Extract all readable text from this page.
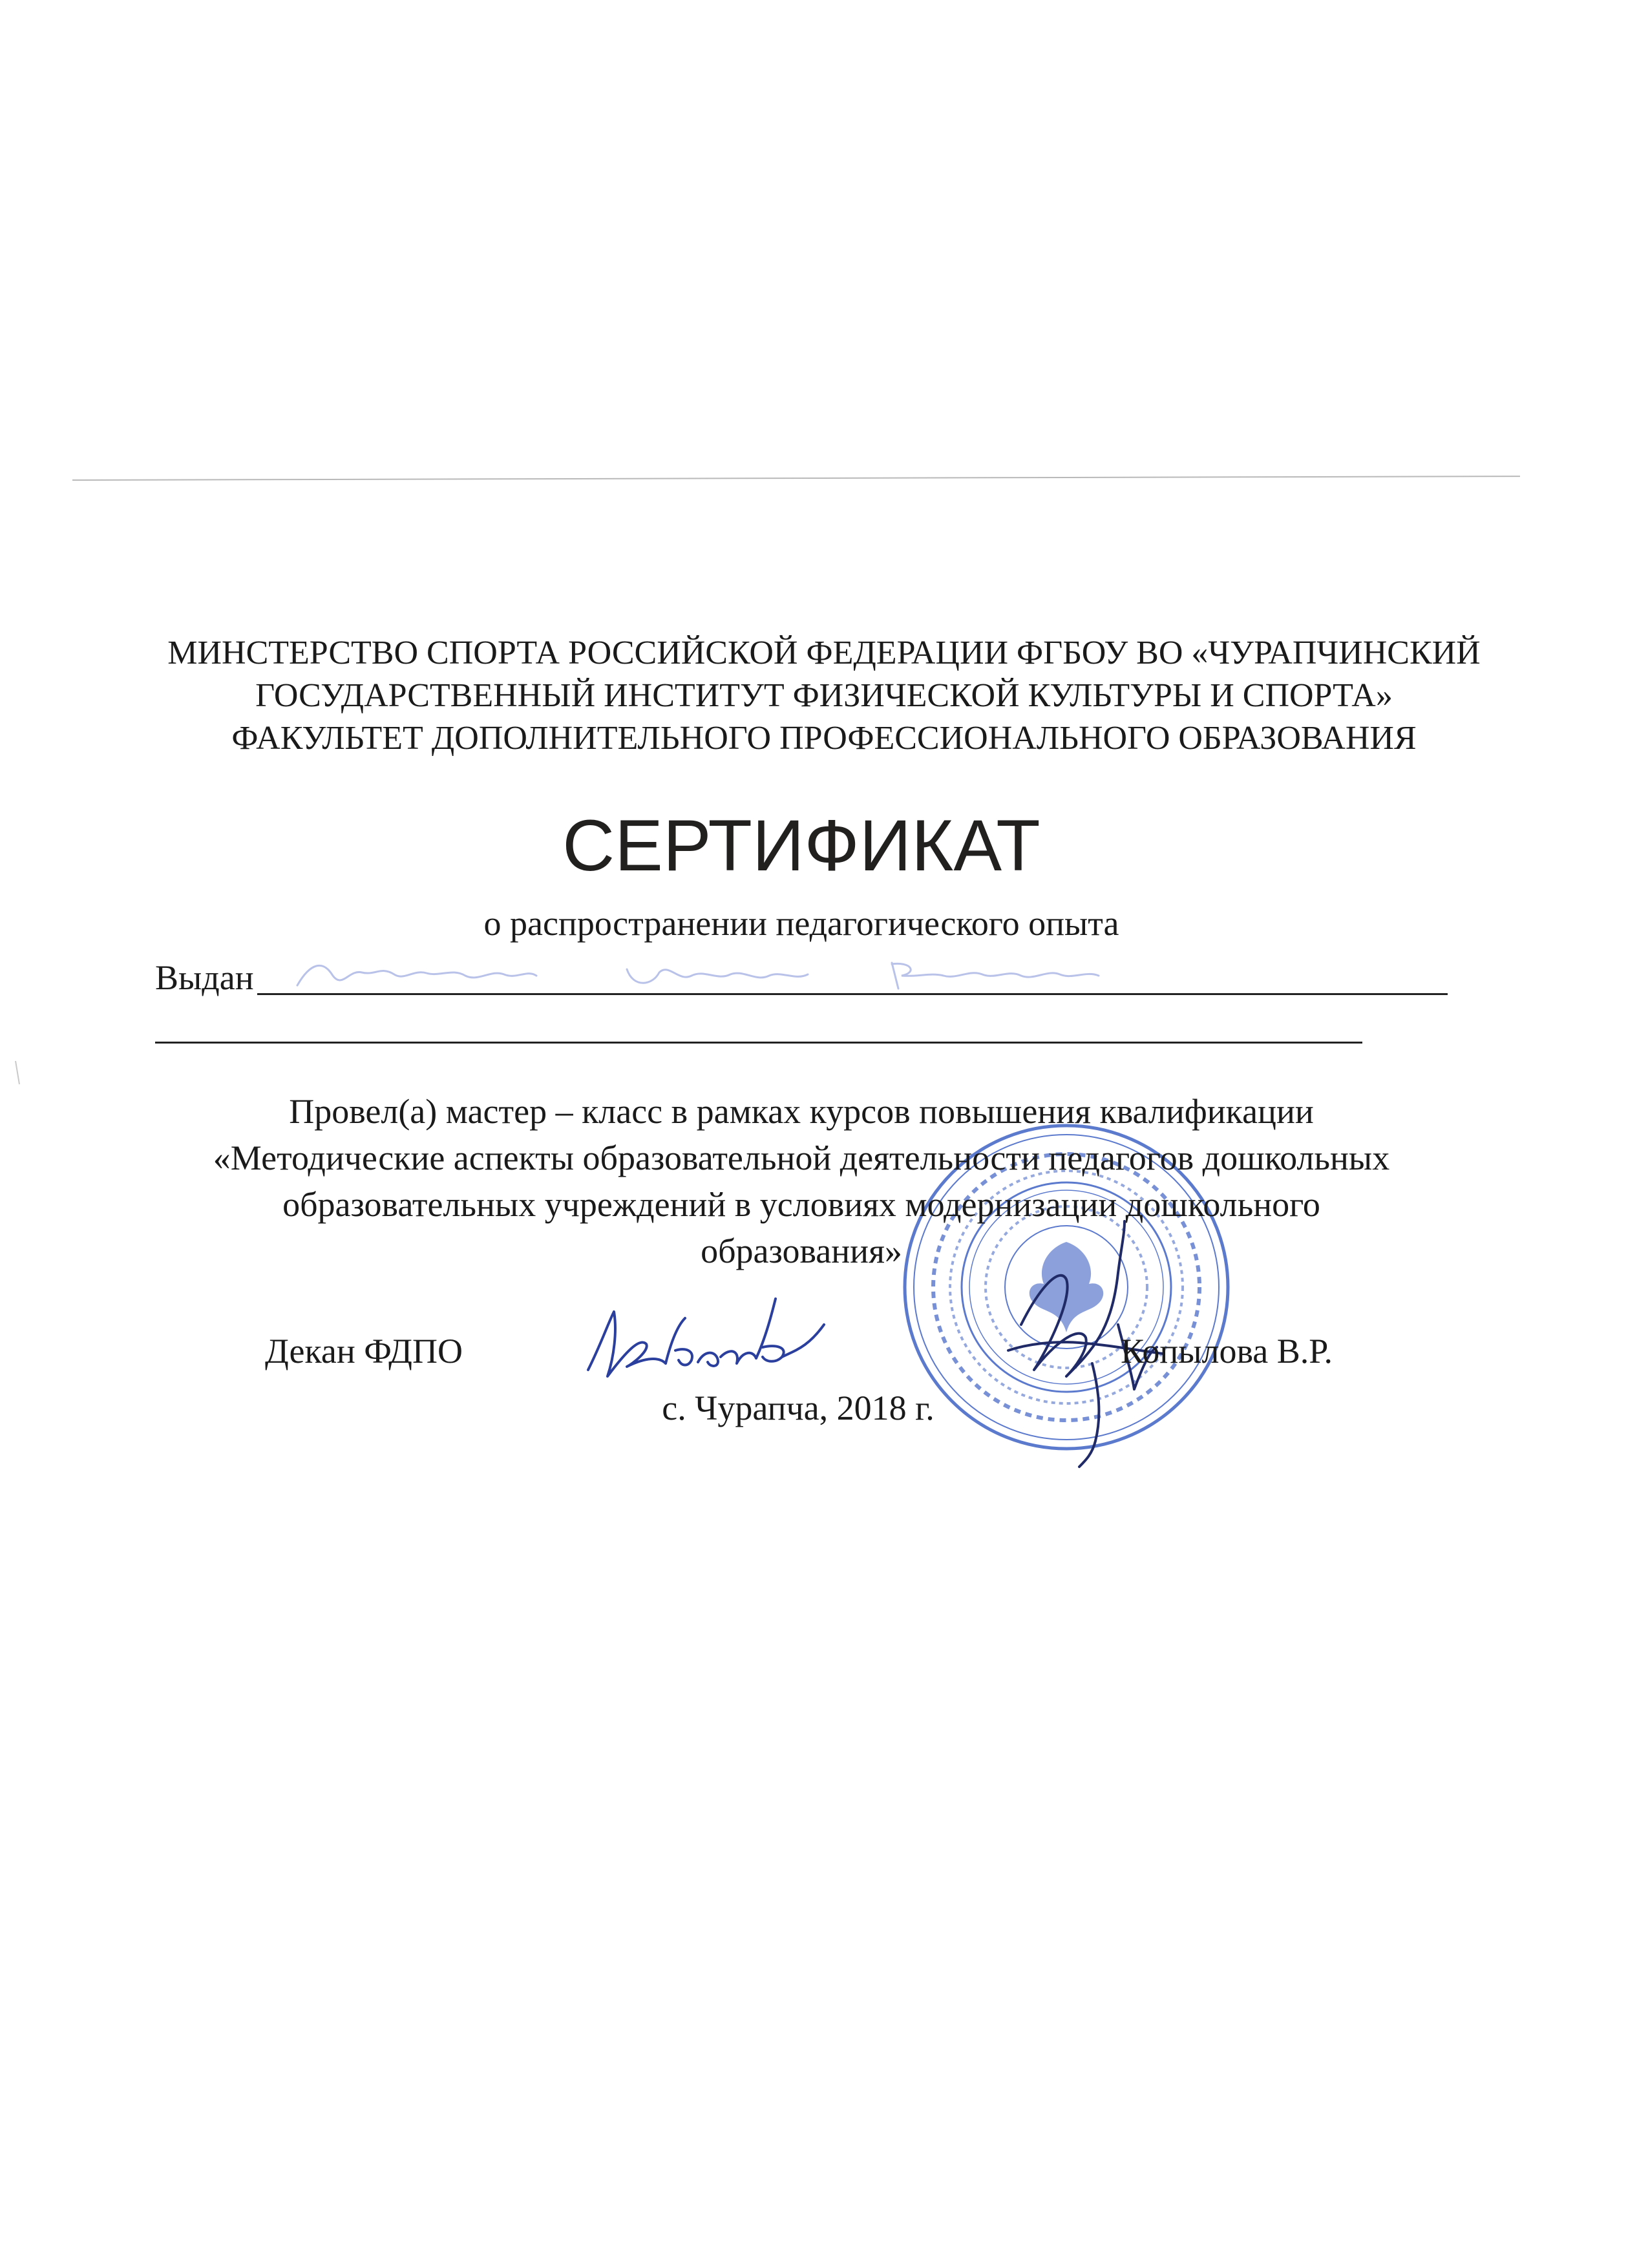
МИНСТЕРСТВО СПОРТА РОССИЙСКОЙ ФЕДЕРАЦИИ ФГБОУ ВО «ЧУРАПЧИНСКИЙ
ГОСУДАРСТВЕННЫЙ ИНСТИТУТ ФИЗИЧЕСКОЙ КУЛЬТУРЫ И СПОРТА»
ФАКУЛЬТЕТ ДОПОЛНИТЕЛЬНОГО ПРОФЕССИОНАЛЬНОГО ОБРАЗОВАНИЯ
СЕРТИФИКАТ
о распространении педагогического опыта
Выдан
Провел(а) мастер – класс в рамках курсов повышения квалификации
«Методические аспекты образовательной деятельности педагогов дошкольных
образовательных учреждений в условиях модернизации дошкольного
образования»
Декан ФДПО	Копылова В.Р.
с. Чурапча, 2018 г.
